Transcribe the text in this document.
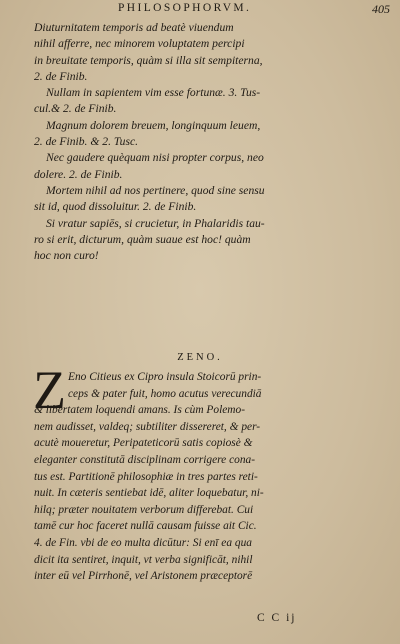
PHILOSOPHORVM.	405
Diuturnitatem temporis ad beatè viuendum
nihil afferre, nec minorem voluptatem percipi
in breuitate temporis, quàm si illa sit sempiterna,
2. de Finib.
Nullam in sapientem vim esse fortunæ. 3. Tus-
cul.& 2. de Finib.
Magnum dolorem breuem, longinquum leuem,
2. de Finib. & 2. Tusc.
Nec gaudere quèquam nisi propter corpus, neo
dolere. 2. de Finib.
Mortem nihil ad nos pertinere, quod sine sensu
sit id, quod dissoluitur. 2. de Finib.
Si vratur sapiēs, si crucietur, in Phalaridis tau-
ro si erit, dicturum, quàm suaue est hoc! quàm
hoc non curo!
ZENO.
Z Eno Citieus ex Cipro insula Stoicorū prin-
ceps & pater fuit, homo acutus verecundiā
& libertatem loquendi amans. Is cùm Polemo-
nem audisset, valdeq; subtiliter dissereret, & per-
acutè moueretur, Peripateticorū satis copiosè &
eleganter constitutā disciplinam corrigere cona-
tus est. Partitionē philosophiæ in tres partes reti-
nuit. In cæteris sentiebat idē, aliter loquebatur, ni-
hilq; præter nouitatem verborum differebat. Cui
tamē cur hoc faceret nullā causam fuisse ait Cic.
4. de Fin. vbi de eo multa dicūtur: Si enī ea qua
dicit ita sentiret, inquit, vt verba significāt, nihil
inter eū vel Pirrhonē, vel Aristonem præceptorē
C C ij
